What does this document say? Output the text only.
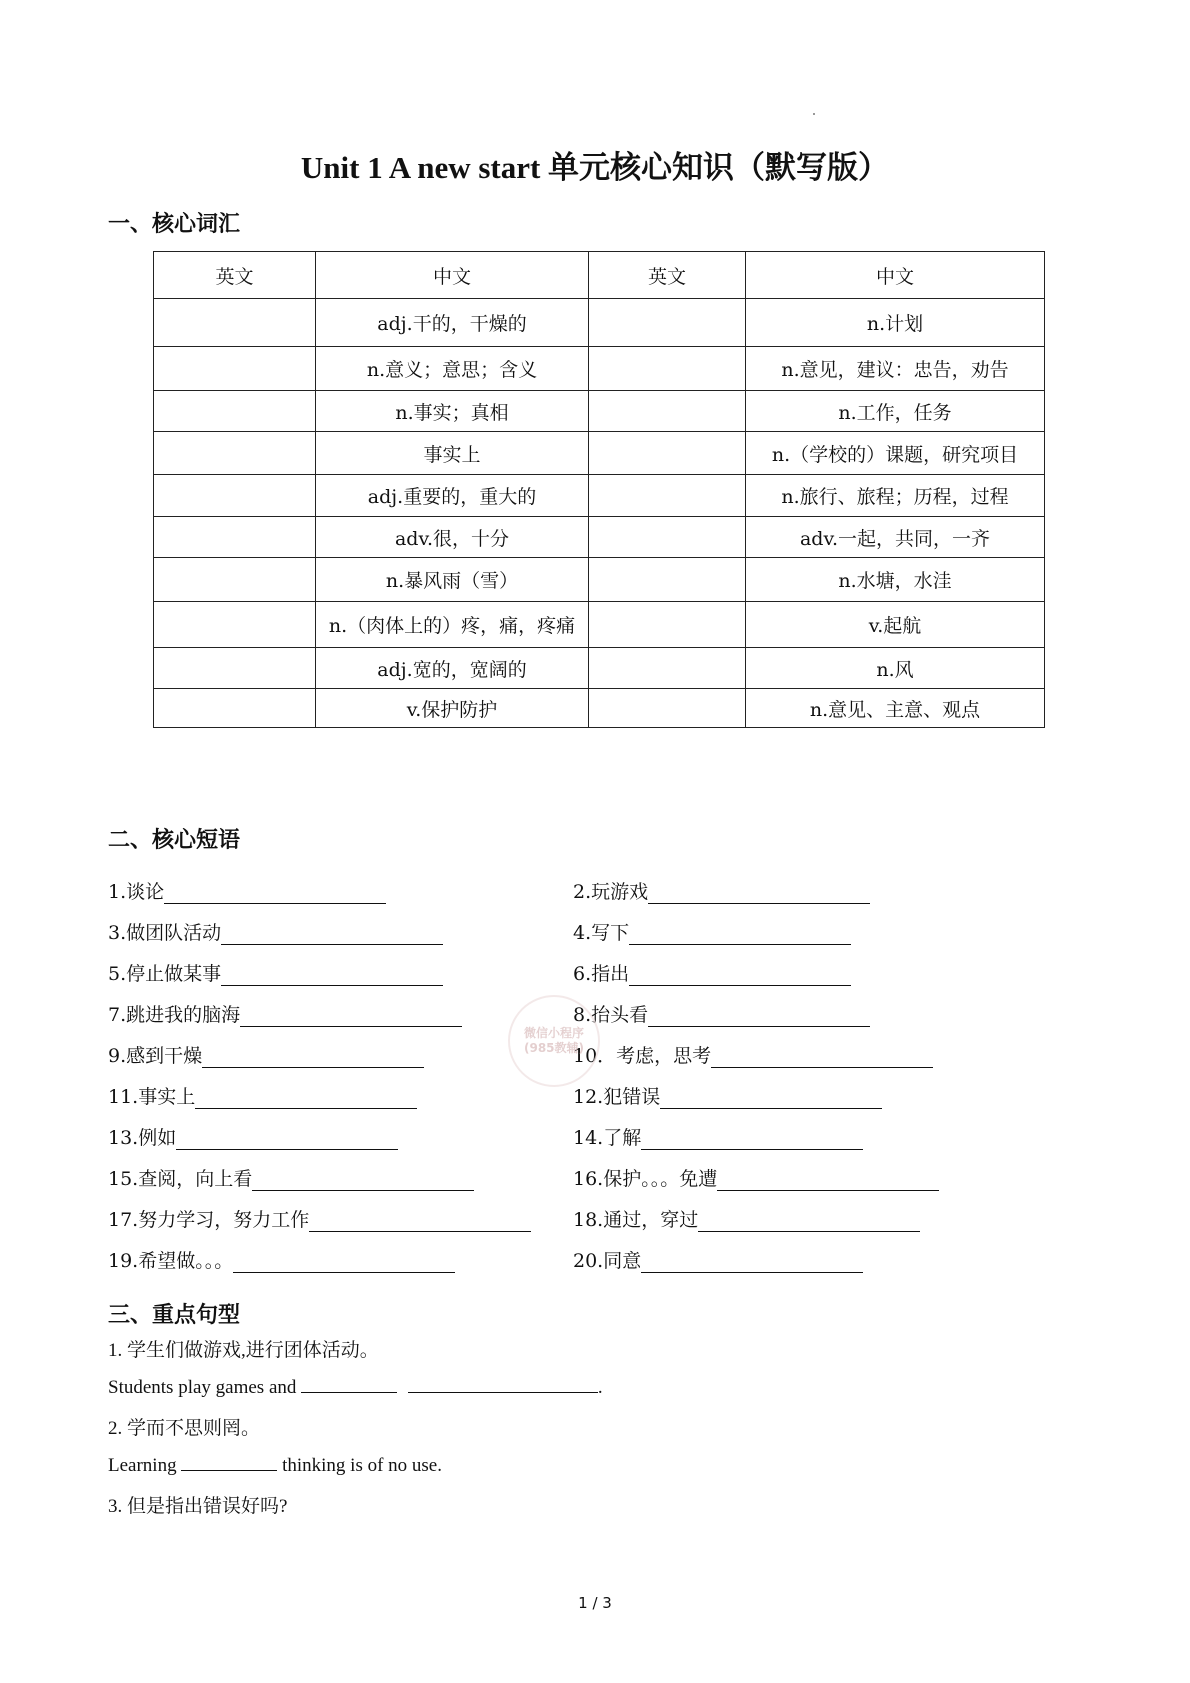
Unit 1 A new start 单元核心知识（默写版）
一、核心词汇
英文	中文	英文	中文
	adj.干的，干燥的		n.计划
	n.意义；意思；含义		n.意见，建议：忠告，劝告
	n.事实；真相		n.工作，任务
	事实上		n.（学校的）课题，研究项目
	adj.重要的，重大的		n.旅行、旅程；历程，过程
	adv.很，十分		adv.一起，共同，一齐
	n.暴风雨（雪）		n.水塘，水洼
	n.（肉体上的）疼，痛，疼痛		v.起航
	adj.宽的，宽阔的		n.风
	v.保护防护		n.意见、主意、观点
二、核心短语
1.谈论	2.玩游戏
3.做团队活动	4.写下
5.停止做某事	6.指出
7.跳进我的脑海	8.抬头看
9.感到干燥	10．考虑，思考
11.事实上	12.犯错误
13.例如	14.了解
15.查阅，向上看	16.保护。。。免遭
17.努力学习，努力工作	18.通过，穿过
19.希望做。。。	20.同意
微信小程序
(985教辅)
三、重点句型
1. 学生们做游戏,进行团体活动。
Students play games and	.
2. 学而不思则罔。
Learning	thinking is of no use.
3. 但是指出错误好吗?
1 / 3
